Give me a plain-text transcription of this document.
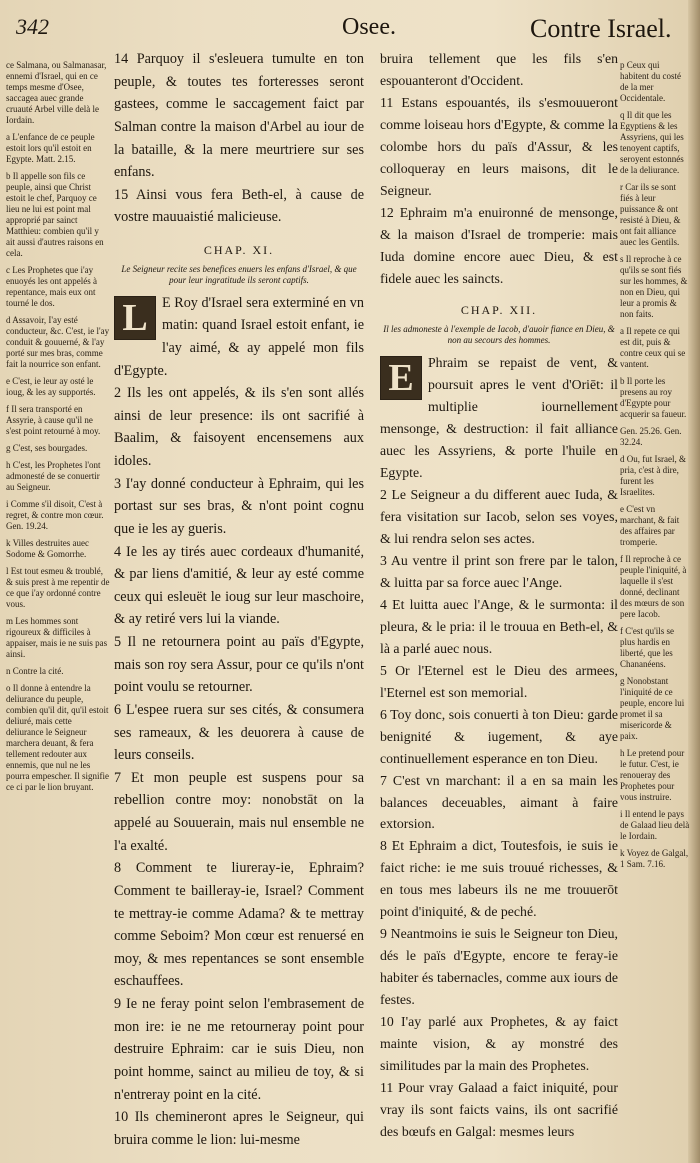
342	Osee.	Contre Israel.

ce Salmana, ou Salmanasar, ennemi d'Israel, qui en ce temps mesme d'Osee, saccagea auec grande cruauté Arbel ville delà le Iordain.

a L'enfance de ce peuple estoit lors qu'il estoit en Egypte. Matt. 2.15.

b Il appelle son fils ce peuple, ainsi que Christ estoit le chef, Parquoy ce lieu ne lui est point mal approprié par sainct Matthieu: combien qu'il y ait aussi d'autres raisons en cela.

c Les Prophetes que i'ay enuoyés les ont appelés à repentance, mais eux ont tourné le dos.

d Assavoir, I'ay esté conducteur, &c. C'est, ie l'ay conduit & gouuerné, & l'ay porté sur mes bras, comme fait la nourrice son enfant.

e C'est, ie leur ay osté le ioug, & les ay supportés.

f Il sera transporté en Assyrie, à cause qu'il ne s'est point retourné à moy.

g C'est, ses bourgades.

h C'est, les Prophetes l'ont admonesté de se conuertir au Seigneur.

i Comme s'il disoit, C'est à regret, & contre mon cœur. Gen. 19.24.

k Villes destruites auec Sodome & Gomorrhe.

l Est tout esmeu & troublé, & suis prest à me repentir de ce que i'ay ordonné contre vous.

m Les hommes sont rigoureux & difficiles à appaiser, mais ie ne suis pas ainsi.

n Contre la cité.

o Il donne à entendre la deliurance du peuple, combien qu'il dit, qu'il estoit deliuré, mais cette deliurance le Seigneur marchera deuant, & fera tellement redouter aux ennemis, que nul ne les pourra empescher. Il signifie ce ci par le lion bruyant.

14 Parquoy il s'esleuera tumulte en ton peuple, & toutes tes forteresses seront gastees, comme le saccagement faict par Salman contre la maison d'Arbel au iour de la bataille, & la mere meurtriere sur ses enfans.

15 Ainsi vous fera Beth-el, à cause de vostre mauuaistié malicieuse.

CHAP. XI.
Le Seigneur recite ses benefices enuers les enfans d'Israel, & que pour leur ingratitude ils seront captifs.

L	E Roy d'Israel sera exterminé en vn matin: quand Israel estoit enfant, ie l'ay aimé, & ay appelé mon fils d'Egypte.

2 Ils les ont appelés, & ils s'en sont allés ainsi de leur presence: ils ont sacrifié à Baalim, & faisoyent encensemens aux idoles.

3 I'ay donné conducteur à Ephraim, qui les portast sur ses bras, & n'ont point cognu que ie les ay gueris.

4 Ie les ay tirés auec cordeaux d'humanité, & par liens d'amitié, & leur ay esté comme ceux qui esleuët le ioug sur leur maschoire, & ay retiré vers lui la viande.

5 Il ne retournera point au païs d'Egypte, mais son roy sera Assur, pour ce qu'ils n'ont point voulu se retourner.

6 L'espee ruera sur ses cités, & consumera ses rameaux, & les deuorera à cause de leurs conseils.

7 Et mon peuple est suspens pour sa rebellion contre moy: nonobstāt on la appelé au Souuerain, mais nul ensemble ne l'a exalté.

8 Comment te liureray-ie, Ephraim? Comment te bailleray-ie, Israel? Comment te mettray-ie comme Adama? & te mettray comme Seboim? Mon cœur est renuersé en moy, & mes repentances se sont ensemble eschauffees.

9 Ie ne feray point selon l'embrasement de mon ire: ie ne me retourneray point pour destruire Ephraim: car ie suis Dieu, non point homme, sainct au milieu de toy, & si n'entreray point en la cité.

10 Ils chemineront apres le Seigneur, qui bruira comme le lion: lui-mesme

bruira tellement que les fils s'en espouanteront d'Occident.

11 Estans espouantés, ils s'esmouueront comme loiseau hors d'Egypte, & comme la colombe hors du païs d'Assur, & les colloqueray en leurs maisons, dit le Seigneur.

12 Ephraim m'a enuironné de mensonge, & la maison d'Israel de tromperie: mais Iuda domine encore auec Dieu, & est fidele auec les saincts.

CHAP. XII.
Il les admoneste à l'exemple de Iacob, d'auoir fiance en Dieu, & non au secours des hommes.

E	Phraim se repaist de vent, & poursuit apres le vent d'Oriēt: il multiplie iournellement mensonge, & destruction: il fait alliance auec les Assyriens, & porte l'huile en Egypte.

2 Le Seigneur a du different auec Iuda, & fera visitation sur Iacob, selon ses voyes, & lui rendra selon ses actes.

3 Au ventre il print son frere par le talon, & luitta par sa force auec l'Ange.

4 Et luitta auec l'Ange, & le surmonta: il pleura, & le pria: il le trouua en Beth-el, & là a parlé auec nous.

5 Or l'Eternel est le Dieu des armees, l'Eternel est son memorial.

6 Toy donc, sois conuerti à ton Dieu: garde benignité & iugement, & aye continuellement esperance en ton Dieu.

7 C'est vn marchant: il a en sa main les balances deceuables, aimant à faire extorsion.

8 Et Ephraim a dict, Toutesfois, ie suis ie faict riche: ie me suis trouué richesses, & en tous mes labeurs ils ne me trouuerōt point d'iniquité, & de peché.

9 Neantmoins ie suis le Seigneur ton Dieu, dés le païs d'Egypte, encore te feray-ie habiter és tabernacles, comme aux iours de festes.

10 I'ay parlé aux Prophetes, & ay faict mainte vision, & ay monstré des similitudes par la main des Prophetes.

11 Pour vray Galaad a faict iniquité, pour vray ils sont faicts vains, ils ont sacrifié des bœufs en Galgal: mesmes leurs

p Ceux qui habitent du costé de la mer Occidentale.

q Il dit que les Egyptiens & les Assyriens, qui les tenoyent captifs, seroyent estonnés de la deliurance.

r Car ils se sont fiés à leur puissance & ont resisté à Dieu, & ont fait alliance auec les Gentils.

s Il reproche à ce qu'ils se sont fiés sur les hommes, & non en Dieu, qui leur a promis & non faits.

a Il repete ce qui est dit, puis & contre ceux qui se vantent.

b Il porte les presens au roy d'Egypte pour acquerir sa faueur.

Gen. 25.26. Gen. 32.24.

d Ou, fut Israel, & pria, c'est à dire, furent les Israelites.

e C'est vn marchant, & fait des affaires par tromperie.

f Il reproche à ce peuple l'iniquité, à laquelle il s'est donné, declinant des mœurs de son pere Iacob.

f C'est qu'ils se plus hardis en liberté, que les Chananéens.

g Nonobstant l'iniquité de ce peuple, encore lui promet il sa misericorde & paix.

h Le pretend pour le futur. C'est, ie renoueray des Prophetes pour vous instruire.

i Il entend le pays de Galaad lieu delà le Iordain.

k Voyez de Galgal, 1 Sam. 7.16.
